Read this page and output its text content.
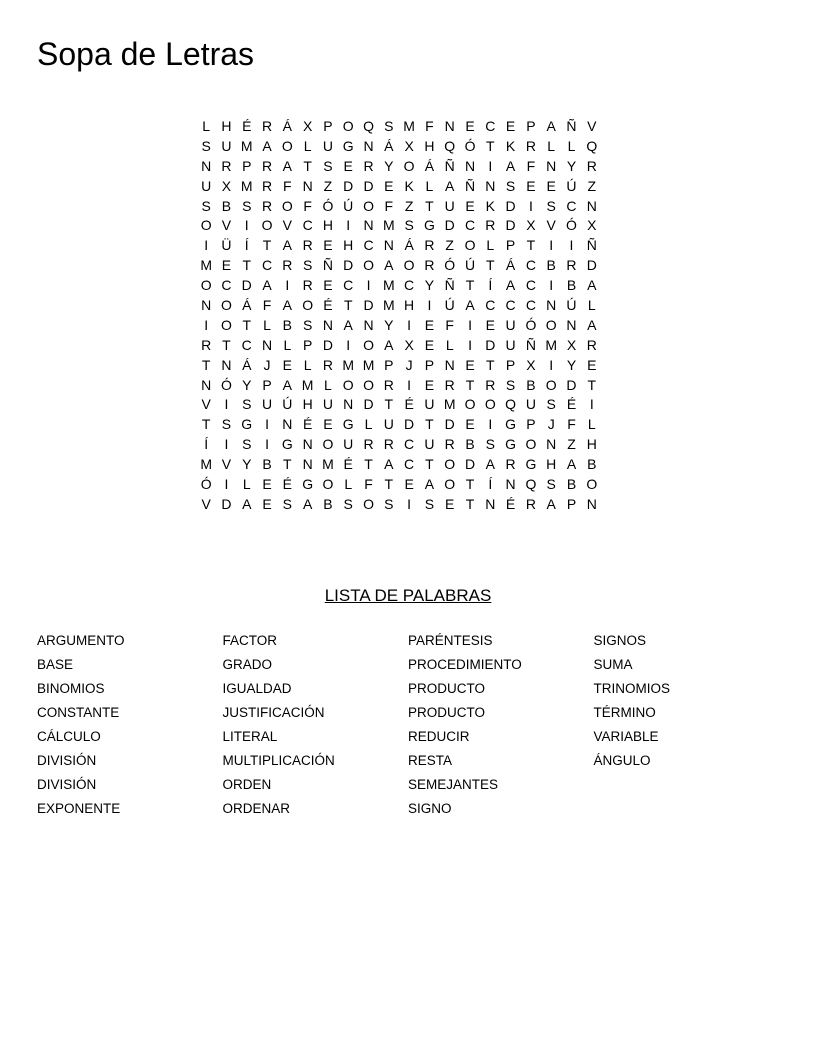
Sopa de Letras
L H É R Á X P O Q S M F N E C E P A Ñ V
S U M A O L U G N Á X H Q Ó T K R L L Q
N R P R A T S E R Y O Á Ñ N I A F N Y R
U X M R F N Z D D E K L A Ñ N S E E Ú Z
S B S R O F Ó Ú O F Z T U E K D I S C N
O V I O V C H I N M S G D C R D X V Ó X
I Ü Í	T A R E H C N Á R Z O L P T	I	I Ñ
M E T C R S Ñ D O A O R Ó Ú T Á C B R D
O C D A I R E C I M C Y Ñ T	Í A C I B A
N O Á F A O É T D M H I Ú A C C C N Ú L
I O T L B S N A N Y I E F	I E U Ó O N A
R T C N L P D I O A X E L	I D U Ñ M X R
T N Á J E L R M M P J P N E T P X I Y E
N Ó Y P A M L O O R I E R T R S B O D T
V I S U Ú H U N D T É U M O O Q U S É I
T S G I N É E G L U D T D E I G P J F L
Í	I S I G N O U R R C U R B S G O N Z H
M V Y B T N M É T A C T O D A R G H A B
Ó I	L E É G O L F T E A O T	Í N Q S B O
V D A E S A B S O S I S E T N É R A P N
LISTA DE PALABRAS
ARGUMENTO
BASE
BINOMIOS
CONSTANTE
CÁLCULO
DIVISIÓN
DIVISIÓN
EXPONENTE
FACTOR
GRADO
IGUALDAD
JUSTIFICACIÓN
LITERAL
MULTIPLICACIÓN
ORDEN
ORDENAR
PARÉNTESIS
PROCEDIMIENTO
PRODUCTO
PRODUCTO
REDUCIR
RESTA
SEMEJANTES
SIGNO
SIGNOS
SUMA
TRINOMIOS
TÉRMINO
VARIABLE
ÁNGULO
